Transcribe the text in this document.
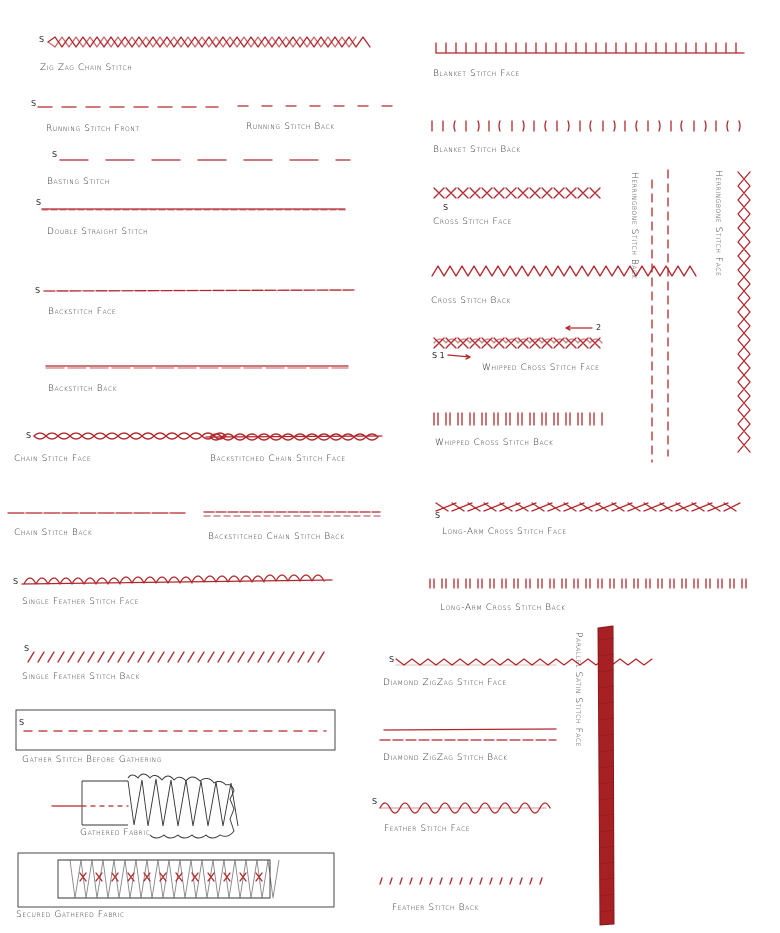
S
Zig Zag Chain Stitch
S
Running Stitch Front	Running Stitch Back
S
Basting Stitch
S
Double Straight Stitch
S
Backstitch Face
Backstitch Back
S
Chain Stitch Face	Backstitched Chain Stitch Face
Chain Stitch Back	Backstitched Chain Stitch Back
S
Single Feather Stitch Face
S
Single Feather Stitch Back
S
Gather Stitch Before Gathering
Gathered Fabric
Secured Gathered Fabric
Blanket Stitch Face
Blanket Stitch Back
S
Cross Stitch Face
Cross Stitch Back
2
S 1
Whipped Cross Stitch Face
Whipped Cross Stitch Back
Herringbone Stitch Back	Herringbone Stitch Face
S
Long-Arm Cross Stitch Face
Long-Arm Cross Stitch Back
S
Diamond ZigZag Stitch Face
Diamond ZigZag Stitch Back
S
Feather Stitch Face
Feather Stitch Back
Parallel Satin Stitch Face
